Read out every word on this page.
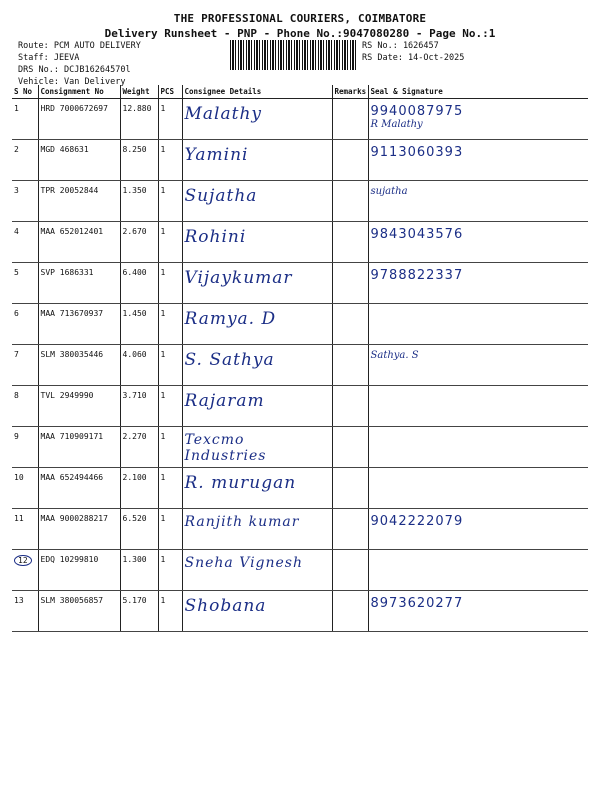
THE PROFESSIONAL COURIERS, COIMBATORE
Delivery Runsheet - PNP - Phone No.:9047080280 - Page No.:1
Route: PCM AUTO DELIVERY
Staff: JEEVA
DRS No.: DCJB16264570l
Vehicle: Van Delivery
RS No.: 1626457
RS Date: 14-Oct-2025
S No	Consignment No	Weight	PCS	Consignee Details	Remarks	Seal & Signature
1	HRD 7000672697	12.880	1	Malathy		9940087975
R Malathy

2	MGD 468631	8.250	1	Yamini		9113060393

3	TPR 20052844	1.350	1	Sujatha		sujatha

4	MAA 652012401	2.670	1	Rohini		9843043576

5	SVP 1686331	6.400	1	Vijaykumar		9788822337

6	MAA 713670937	1.450	1	Ramya. D		

7	SLM 380035446	4.060	1	S. Sathya		Sathya. S

8	TVL 2949990	3.710	1	Rajaram		

9	MAA 710909171	2.270	1	Texcmo Industries		

10	MAA 652494466	2.100	1	R. murugan		

11	MAA 9000288217	6.520	1	Ranjith kumar		9042222079

12	EDQ 10299810	1.300	1	Sneha Vignesh		

13	SLM 380056857	5.170	1	Shobana		8973620277
